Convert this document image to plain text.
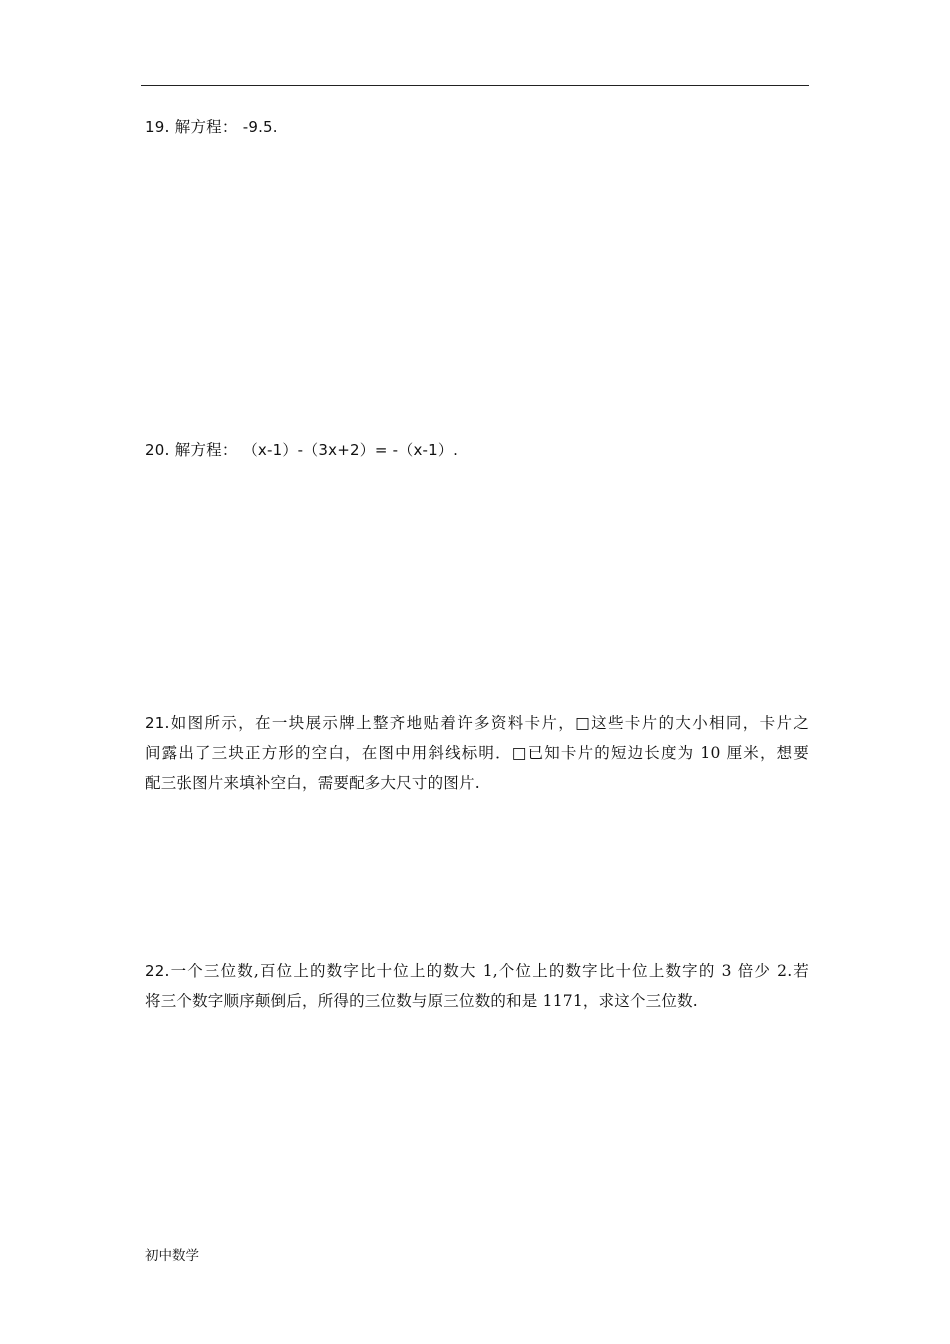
19. 解方程： -9.5.
20. 解方程： （x-1）-（3x+2）= -（x-1）.
21.如图所示，在一块展示牌上整齐地贴着许多资料卡片，□这些卡片的大小相同，卡片之
间露出了三块正方形的空白，在图中用斜线标明．□已知卡片的短边长度为 10 厘米，想要
配三张图片来填补空白，需要配多大尺寸的图片.
22.一个三位数,百位上的数字比十位上的数大 1,个位上的数字比十位上数字的 3 倍少 2.若
将三个数字顺序颠倒后，所得的三位数与原三位数的和是 1171，求这个三位数.
初中数学
